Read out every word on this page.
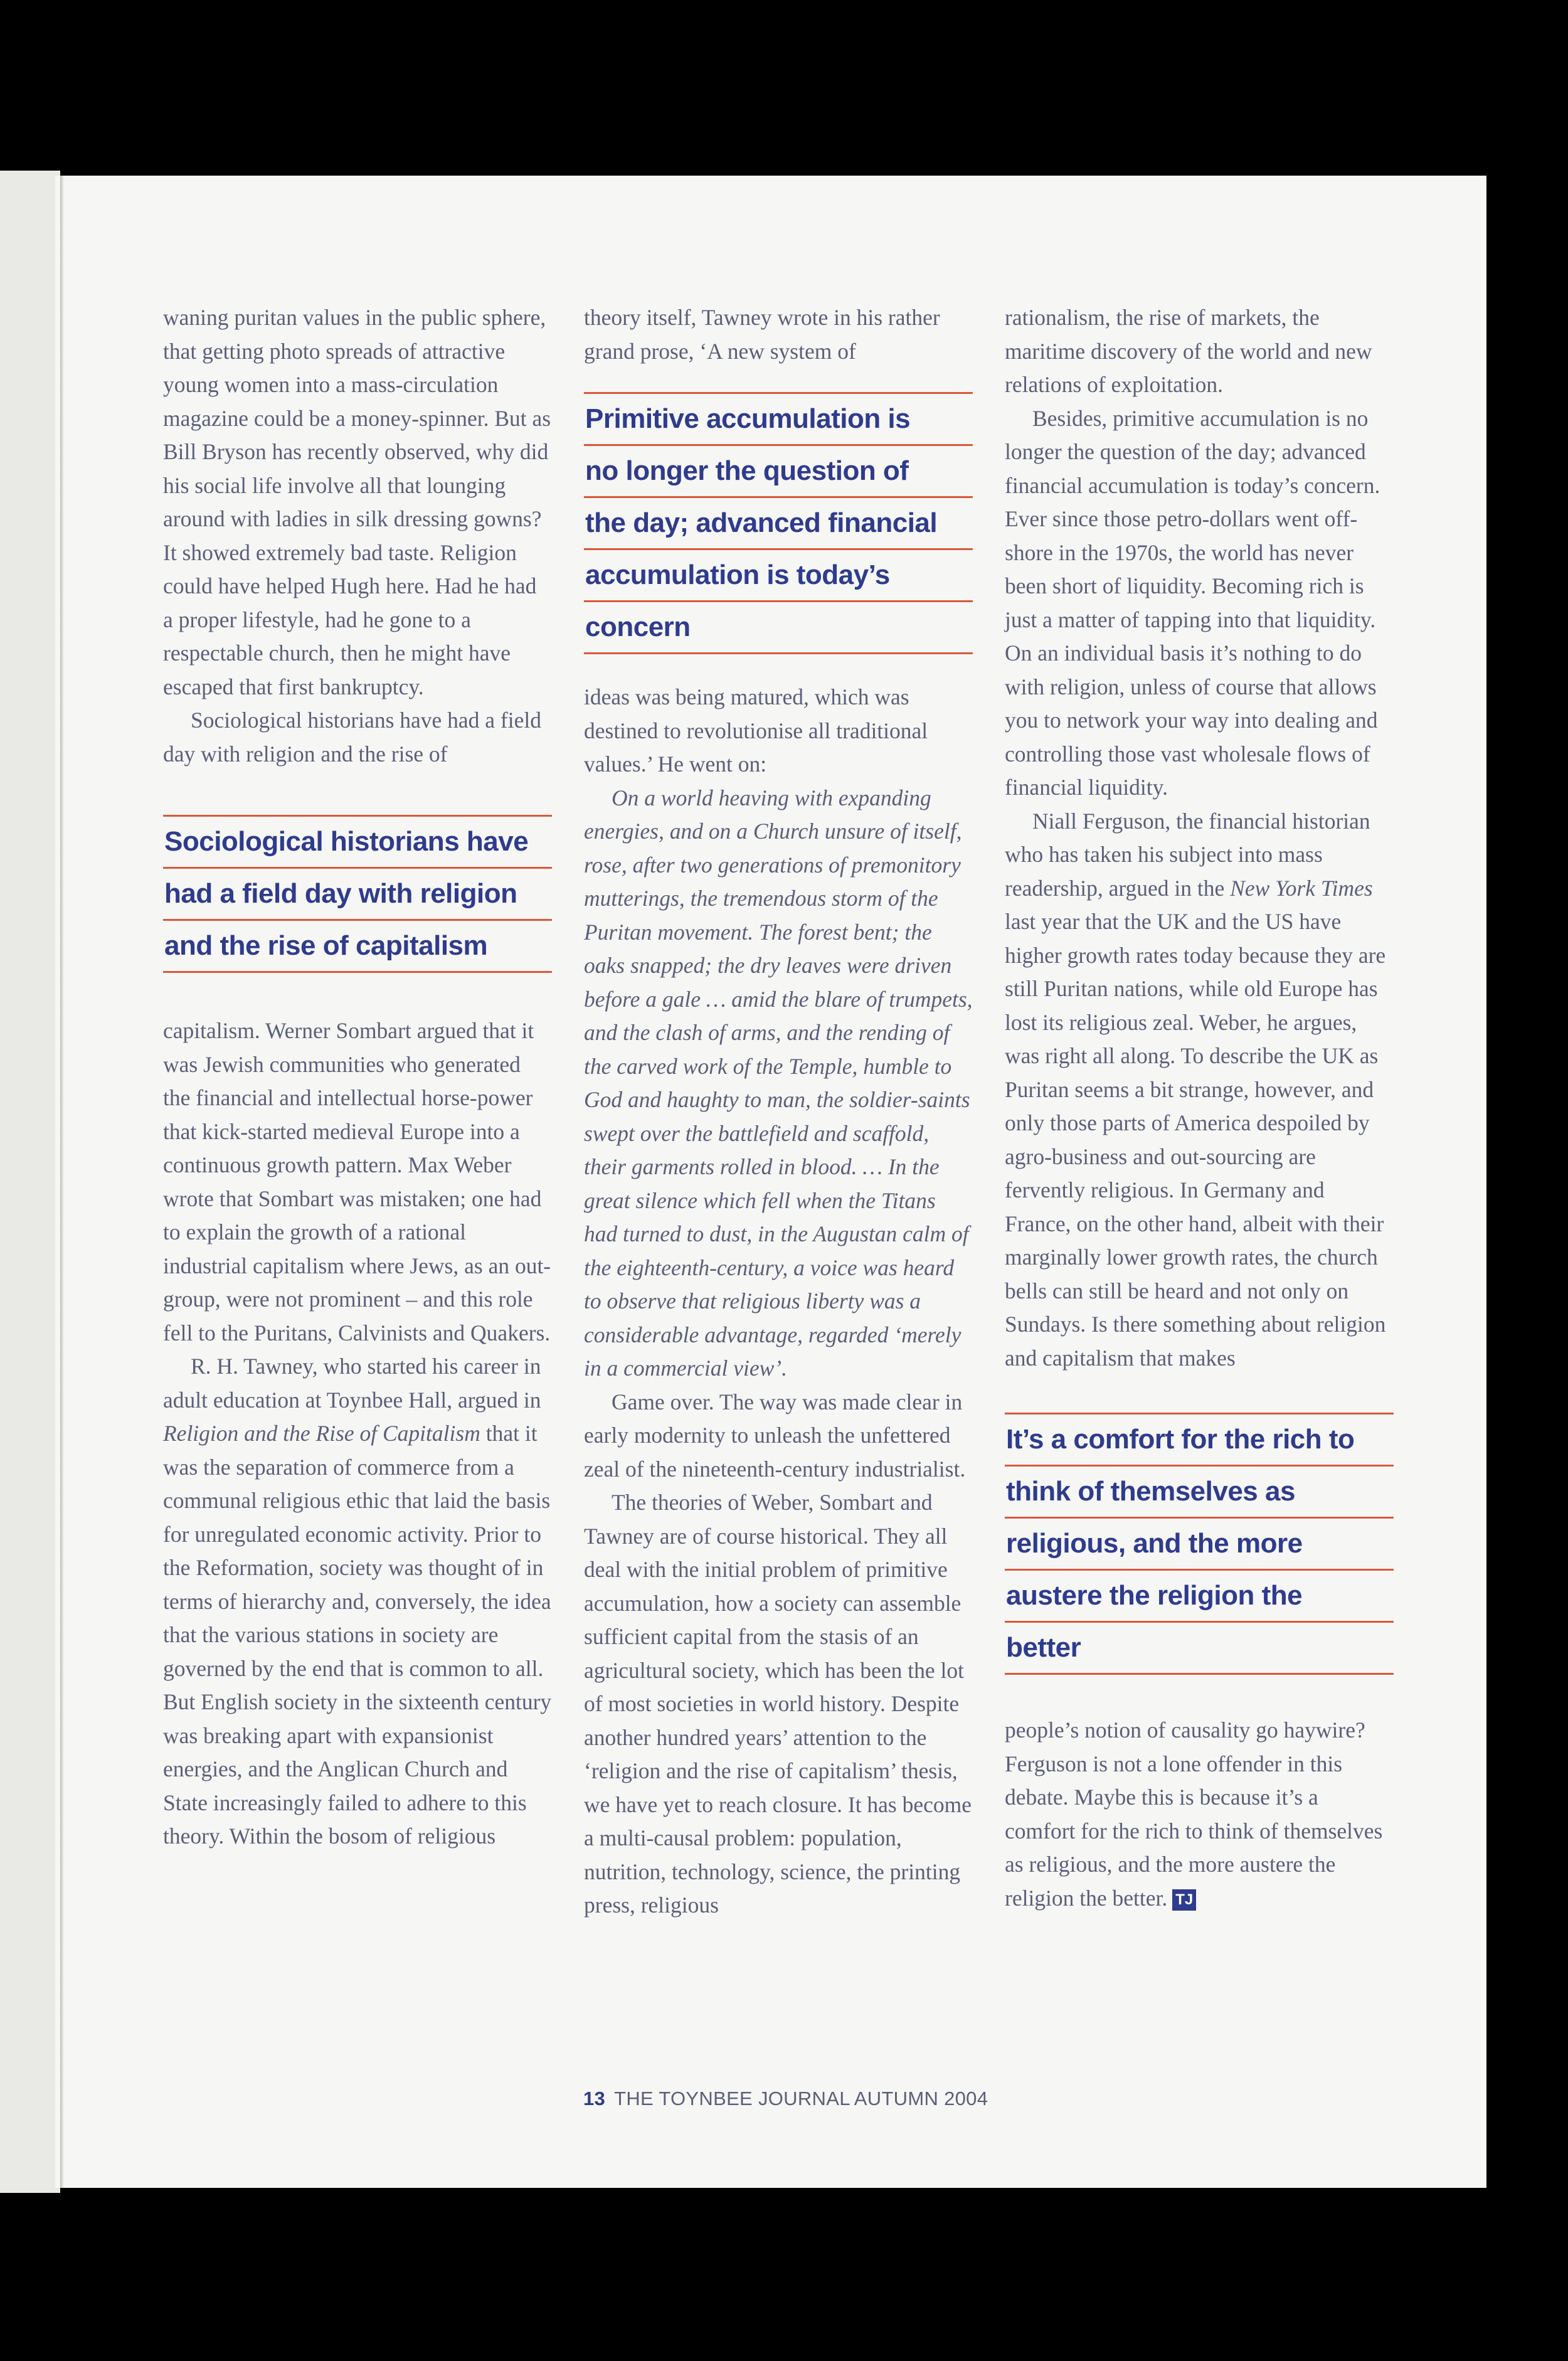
waning puritan values in the public sphere, that getting photo spreads of attractive young women into a mass-circulation magazine could be a money-spinner. But as Bill Bryson has recently observed, why did his social life involve all that lounging around with ladies in silk dressing gowns? It showed extremely bad taste. Religion could have helped Hugh here. Had he had a proper lifestyle, had he gone to a respectable church, then he might have escaped that first bankruptcy.

Sociological historians have had a field day with religion and the rise of

Sociological historians have
had a field day with religion
and the rise of capitalism

capitalism. Werner Sombart argued that it was Jewish communities who generated the financial and intellectual horse-power that kick-started medieval Europe into a continuous growth pattern. Max Weber wrote that Sombart was mistaken; one had to explain the growth of a rational industrial capitalism where Jews, as an out-group, were not prominent – and this role fell to the Puritans, Calvinists and Quakers.

R. H. Tawney, who started his career in adult education at Toynbee Hall, argued in Religion and the Rise of Capitalism that it was the separation of commerce from a communal religious ethic that laid the basis for unregulated economic activity. Prior to the Reformation, society was thought of in terms of hierarchy and, conversely, the idea that the various stations in society are governed by the end that is common to all. But English society in the sixteenth century was breaking apart with expansionist energies, and the Anglican Church and State increasingly failed to adhere to this theory. Within the bosom of religious

theory itself, Tawney wrote in his rather grand prose, ‘A new system of

Primitive accumulation is
no longer the question of
the day; advanced financial
accumulation is today’s
concern

ideas was being matured, which was destined to revolutionise all traditional values.’ He went on:

On a world heaving with expanding energies, and on a Church unsure of itself, rose, after two generations of premonitory mutterings, the tremendous storm of the Puritan movement. The forest bent; the oaks snapped; the dry leaves were driven before a gale … amid the blare of trumpets, and the clash of arms, and the rending of the carved work of the Temple, humble to God and haughty to man, the soldier-saints swept over the battlefield and scaffold, their garments rolled in blood. … In the great silence which fell when the Titans had turned to dust, in the Augustan calm of the eighteenth-century, a voice was heard to observe that religious liberty was a considerable advantage, regarded ‘merely in a commercial view’.

Game over. The way was made clear in early modernity to unleash the unfettered zeal of the nineteenth-century industrialist.

The theories of Weber, Sombart and Tawney are of course historical. They all deal with the initial problem of primitive accumulation, how a society can assemble sufficient capital from the stasis of an agricultural society, which has been the lot of most societies in world history. Despite another hundred years’ attention to the ‘religion and the rise of capitalism’ thesis, we have yet to reach closure. It has become a multi-causal problem: population, nutrition, technology, science, the printing press, religious

rationalism, the rise of markets, the maritime discovery of the world and new relations of exploitation.

Besides, primitive accumulation is no longer the question of the day; advanced financial accumulation is today’s concern. Ever since those petro-dollars went off-shore in the 1970s, the world has never been short of liquidity. Becoming rich is just a matter of tapping into that liquidity. On an individual basis it’s nothing to do with religion, unless of course that allows you to network your way into dealing and controlling those vast wholesale flows of financial liquidity.

Niall Ferguson, the financial historian who has taken his subject into mass readership, argued in the New York Times last year that the UK and the US have higher growth rates today because they are still Puritan nations, while old Europe has lost its religious zeal. Weber, he argues, was right all along. To describe the UK as Puritan seems a bit strange, however, and only those parts of America despoiled by agro-business and out-sourcing are fervently religious. In Germany and France, on the other hand, albeit with their marginally lower growth rates, the church bells can still be heard and not only on Sundays. Is there something about religion and capitalism that makes

It’s a comfort for the rich to
think of themselves as
religious, and the more
austere the religion the
better

people’s notion of causality go haywire? Ferguson is not a lone offender in this debate. Maybe this is because it’s a comfort for the rich to think of themselves as religious, and the more austere the religion the better. TJ

13 THE TOYNBEE JOURNAL AUTUMN 2004
